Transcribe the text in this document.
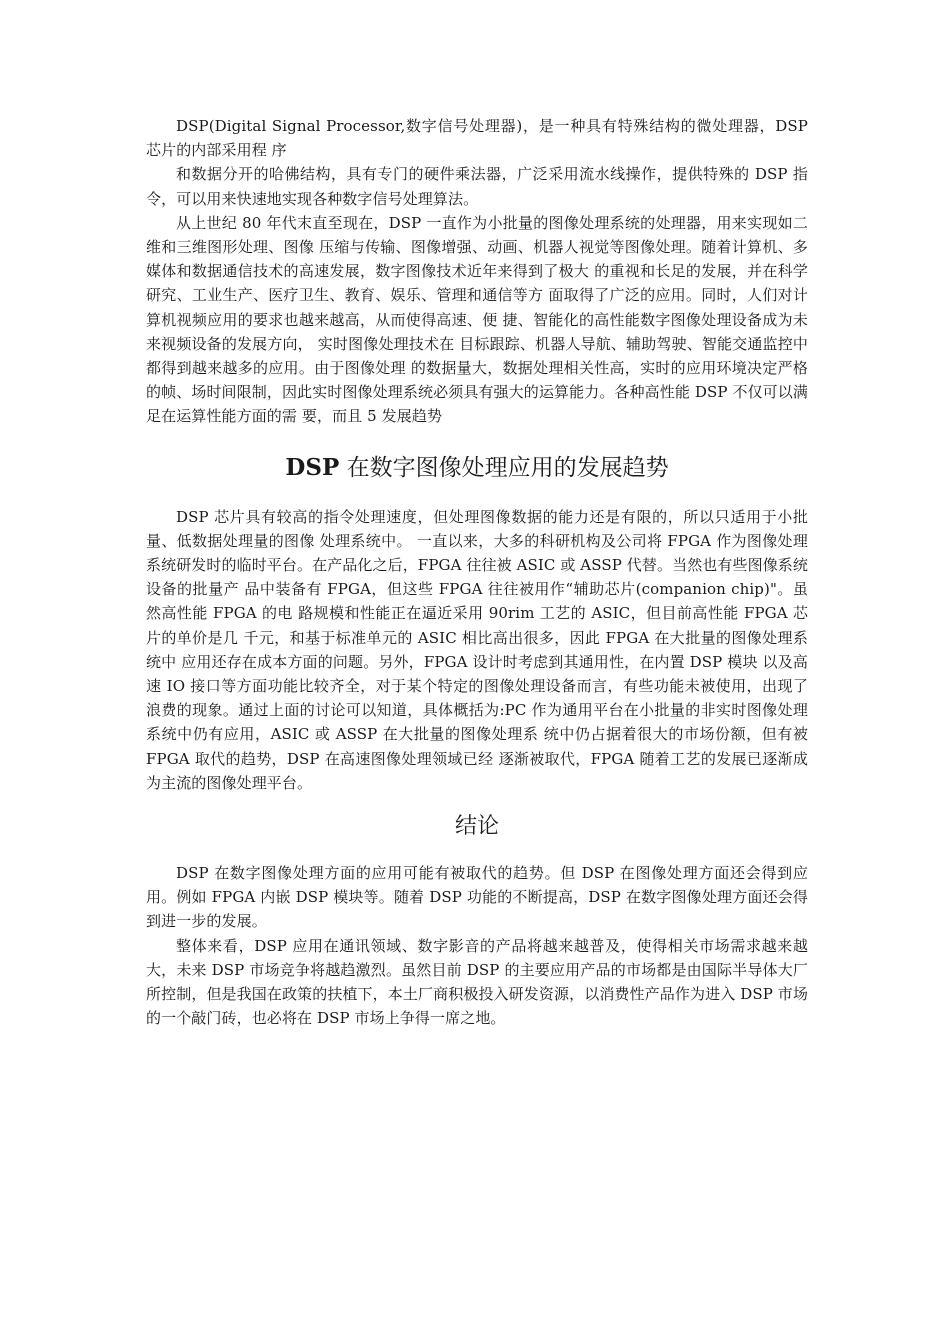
DSP(Digital Signal Processor,数字信号处理器)，是一种具有特殊结构的微处理器，DSP 芯片的内部采用程 序

和数据分开的哈佛结构，具有专门的硬件乘法器，广泛采用流水线操作，提供特殊的 DSP 指令，可以用来快速地实现各种数字信号处理算法。

从上世纪 80 年代末直至现在，DSP 一直作为小批量的图像处理系统的处理器，用来实现如二维和三维图形处理、图像 压缩与传输、图像增强、动画、机器人视觉等图像处理。随着计算机、多媒体和数据通信技术的高速发展，数字图像技术近年来得到了极大 的重视和长足的发展，并在科学研究、工业生产、医疗卫生、教育、娱乐、管理和通信等方 面取得了广泛的应用。同时，人们对计算机视频应用的要求也越来越高，从而使得高速、便 捷、智能化的高性能数字图像处理设备成为未来视频设备的发展方向， 实时图像处理技术在 目标跟踪、机器人导航、辅助驾驶、智能交通监控中都得到越来越多的应用。由于图像处理 的数据量大，数据处理相关性高，实时的应用环境决定严格的帧、场时间限制，因此实时图像处理系统必须具有强大的运算能力。各种高性能 DSP 不仅可以满足在运算性能方面的需 要，而且 5 发展趋势

DSP 在数字图像处理应用的发展趋势

DSP 芯片具有较高的指令处理速度，但处理图像数据的能力还是有限的，所以只适用于小批量、低数据处理量的图像 处理系统中。 一直以来，大多的科研机构及公司将 FPGA 作为图像处理系统研发时的临时平台。在产品化之后，FPGA 往往被 ASIC 或 ASSP 代替。当然也有些图像系统设备的批量产 品中装备有 FPGA，但这些 FPGA 往往被用作“辅助芯片(companion chip)"。虽然高性能 FPGA 的电 路规模和性能正在逼近采用 90rim 工艺的 ASIC，但目前高性能 FPGA 芯片的单价是几 千元，和基于标准单元的 ASIC 相比高出很多，因此 FPGA 在大批量的图像处理系统中 应用还存在成本方面的问题。另外，FPGA 设计时考虑到其通用性，在内置 DSP 模块 以及高速 IO 接口等方面功能比较齐全，对于某个特定的图像处理设备而言，有些功能未被使用，出现了浪费的现象。通过上面的讨论可以知道，具体概括为:PC 作为通用平台在小批量的非实时图像处理系统中仍有应用，ASIC 或 ASSP 在大批量的图像处理系 统中仍占据着很大的市场份额，但有被 FPGA 取代的趋势，DSP 在高速图像处理领域已经 逐渐被取代，FPGA 随着工艺的发展已逐渐成为主流的图像处理平台。

结论

DSP 在数字图像处理方面的应用可能有被取代的趋势。但 DSP 在图像处理方面还会得到应用。例如 FPGA 内嵌 DSP 模块等。随着 DSP 功能的不断提高，DSP 在数字图像处理方面还会得到进一步的发展。

整体来看，DSP 应用在通讯领域、数字影音的产品将越来越普及，使得相关市场需求越来越大，未来 DSP 市场竞争将越趋激烈。虽然目前 DSP 的主要应用产品的市场都是由国际半导体大厂所控制，但是我国在政策的扶植下，本土厂商积极投入研发资源，以消费性产品作为进入 DSP 市场的一个敲门砖，也必将在 DSP 市场上争得一席之地。
